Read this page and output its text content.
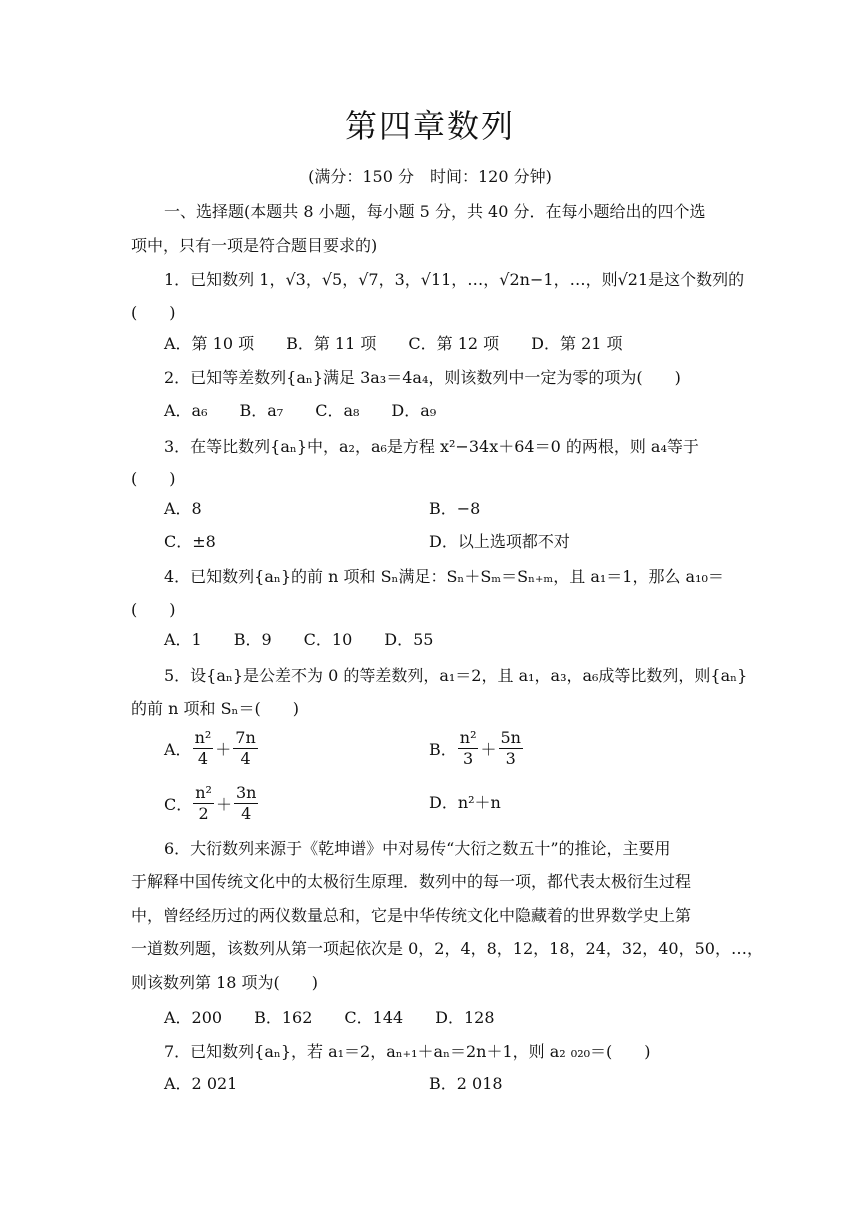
第四章数列
(满分：150 分　时间：120 分钟)
一、选择题(本题共 8 小题，每小题 5 分，共 40 分．在每小题给出的四个选
项中，只有一项是符合题目要求的)
1．已知数列 1，√3，√5，√7，3，√11，…，√2n−1，…，则√21是这个数列的
(　　)
A．第 10 项　　B．第 11 项　　C．第 12 项　　D．第 21 项
2．已知等差数列{aₙ}满足 3a₃＝4a₄，则该数列中一定为零的项为(　　)
A．a₆　　B．a₇　　C．a₈　　D．a₉
3．在等比数列{aₙ}中，a₂，a₆是方程 x²−34x＋64＝0 的两根，则 a₄等于
(　　)
A．8	B．−8
C．±8	D．以上选项都不对
4．已知数列{aₙ}的前 n 项和 Sₙ满足：Sₙ＋Sₘ＝Sₙ₊ₘ，且 a₁＝1，那么 a₁₀＝
(　　)
A．1　　B．9　　C．10　　D．55
5．设{aₙ}是公差不为 0 的等差数列，a₁＝2，且 a₁，a₃，a₆成等比数列，则{aₙ}
的前 n 项和 Sₙ＝(　　)
A． $\frac{\text{n²}}{4} + \frac{7n}{4}$	B． $\frac{\text{n²}}{3} + \frac{5n}{3}$
C． $\frac{\text{n²}}{2} + \frac{3n}{4}$	D．n²＋n
6．大衍数列来源于《乾坤谱》中对易传“大衍之数五十”的推论，主要用
于解释中国传统文化中的太极衍生原理．数列中的每一项，都代表太极衍生过程
中，曾经经历过的两仪数量总和，它是中华传统文化中隐藏着的世界数学史上第
一道数列题，该数列从第一项起依次是 0，2，4，8，12，18，24，32，40，50，…，
则该数列第 18 项为(　　)
A．200　　B．162　　C．144　　D．128
7．已知数列{aₙ}，若 a₁＝2，aₙ₊₁＋aₙ＝2n＋1，则 a₂ ₀₂₀＝(　　)
A．2 021	B．2 018
